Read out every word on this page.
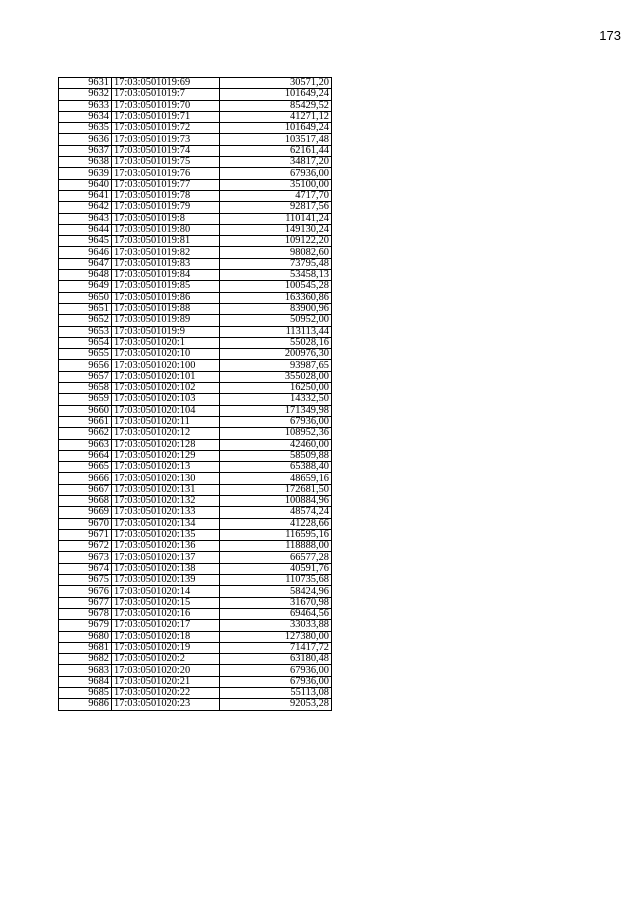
173
9631	17:03:0501019:69	30571,20
9632	17:03:0501019:7	101649,24
9633	17:03:0501019:70	85429,52
9634	17:03:0501019:71	41271,12
9635	17:03:0501019:72	101649,24
9636	17:03:0501019:73	103517,48
9637	17:03:0501019:74	62161,44
9638	17:03:0501019:75	34817,20
9639	17:03:0501019:76	67936,00
9640	17:03:0501019:77	35100,00
9641	17:03:0501019:78	4717,70
9642	17:03:0501019:79	92817,56
9643	17:03:0501019:8	110141,24
9644	17:03:0501019:80	149130,24
9645	17:03:0501019:81	109122,20
9646	17:03:0501019:82	98082,60
9647	17:03:0501019:83	73795,48
9648	17:03:0501019:84	53458,13
9649	17:03:0501019:85	100545,28
9650	17:03:0501019:86	163360,86
9651	17:03:0501019:88	83900,96
9652	17:03:0501019:89	50952,00
9653	17:03:0501019:9	113113,44
9654	17:03:0501020:1	55028,16
9655	17:03:0501020:10	200976,30
9656	17:03:0501020:100	93987,65
9657	17:03:0501020:101	355028,00
9658	17:03:0501020:102	16250,00
9659	17:03:0501020:103	14332,50
9660	17:03:0501020:104	171349,98
9661	17:03:0501020:11	67936,00
9662	17:03:0501020:12	108952,36
9663	17:03:0501020:128	42460,00
9664	17:03:0501020:129	58509,88
9665	17:03:0501020:13	65388,40
9666	17:03:0501020:130	48659,16
9667	17:03:0501020:131	172681,50
9668	17:03:0501020:132	100884,96
9669	17:03:0501020:133	48574,24
9670	17:03:0501020:134	41228,66
9671	17:03:0501020:135	116595,16
9672	17:03:0501020:136	118888,00
9673	17:03:0501020:137	66577,28
9674	17:03:0501020:138	40591,76
9675	17:03:0501020:139	110735,68
9676	17:03:0501020:14	58424,96
9677	17:03:0501020:15	31670,98
9678	17:03:0501020:16	69464,56
9679	17:03:0501020:17	33033,88
9680	17:03:0501020:18	127380,00
9681	17:03:0501020:19	71417,72
9682	17:03:0501020:2	63180,48
9683	17:03:0501020:20	67936,00
9684	17:03:0501020:21	67936,00
9685	17:03:0501020:22	55113,08
9686	17:03:0501020:23	92053,28
